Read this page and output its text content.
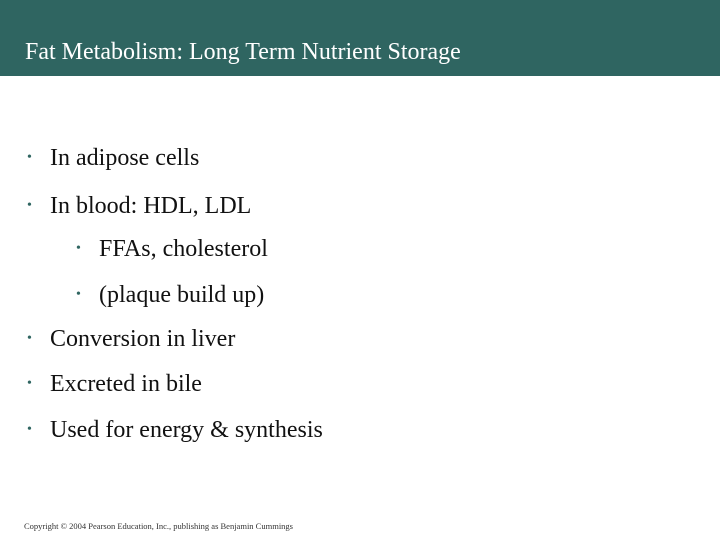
Fat Metabolism: Long Term Nutrient Storage
• In adipose cells
• In blood: HDL, LDL
• FFAs, cholesterol
• (plaque build up)
• Conversion in liver
• Excreted in bile
• Used for energy & synthesis
Copyright © 2004 Pearson Education, Inc., publishing as Benjamin Cummings
